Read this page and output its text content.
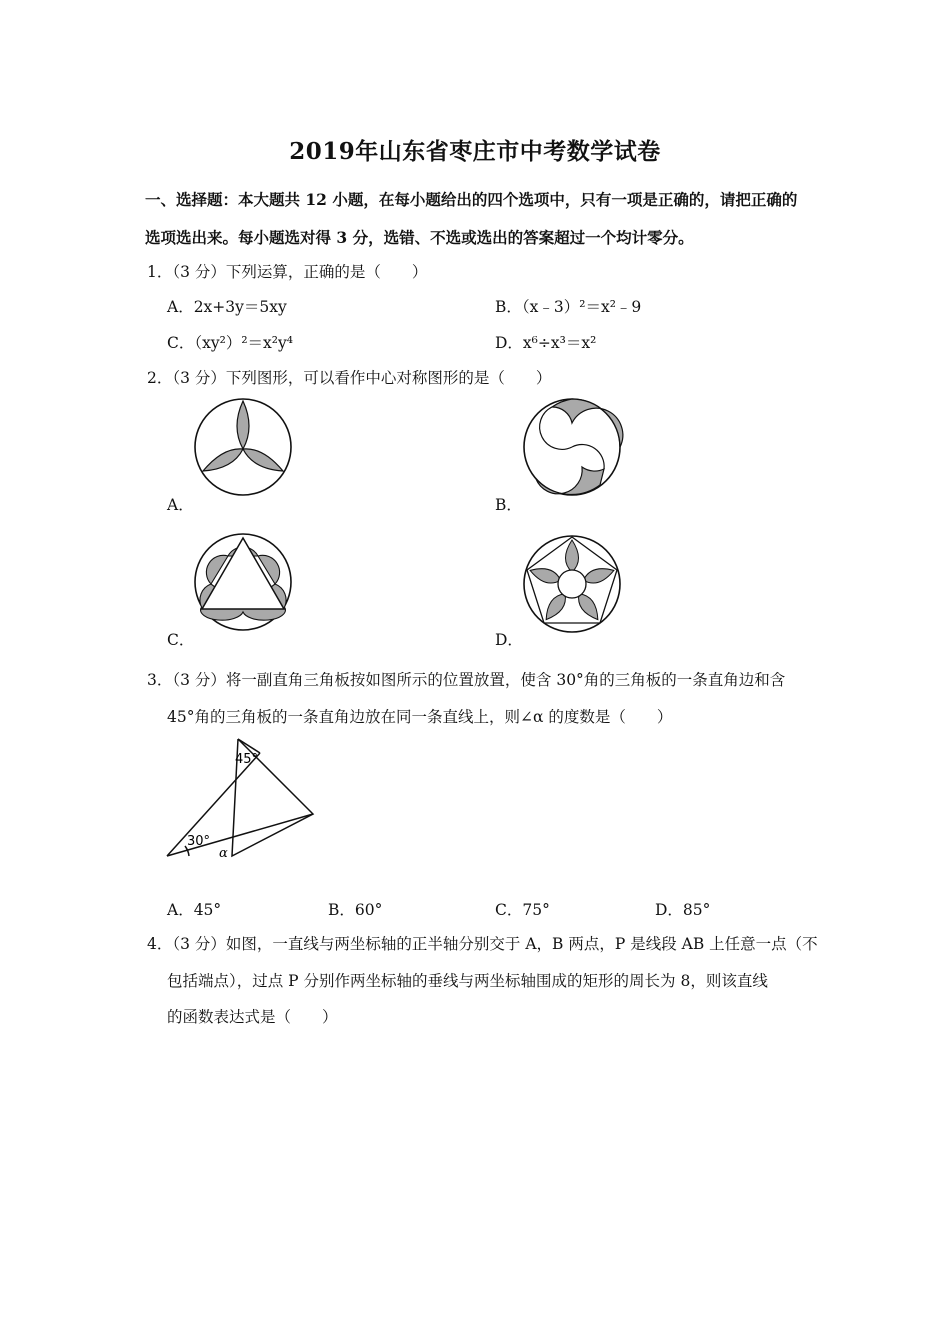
2019年山东省枣庄市中考数学试卷
一、选择题：本大题共 12 小题，在每小题给出的四个选项中，只有一项是正确的，请把正确的
选项选出来。每小题选对得 3 分，选错、不选或选出的答案超过一个均计零分。
1．（3 分）下列运算，正确的是（　　）
A．2x+3y＝5xy	B．（x﹣3）²＝x²﹣9
C．（xy²）²＝x²y⁴	D．x⁶÷x³＝x²
2．（3 分）下列图形，可以看作中心对称图形的是（　　）
A．	B．
C．	D．
3．（3 分）将一副直角三角板按如图所示的位置放置，使含 30°角的三角板的一条直角边和含
45°角的三角板的一条直角边放在同一条直线上，则∠α 的度数是（　　）
45°
30°
α
A．45°	B．60°	C．75°	D．85°
4．（3 分）如图，一直线与两坐标轴的正半轴分别交于 A，B 两点，P 是线段 AB 上任意一点（不
包括端点），过点 P 分别作两坐标轴的垂线与两坐标轴围成的矩形的周长为 8，则该直线
的函数表达式是（　　）
